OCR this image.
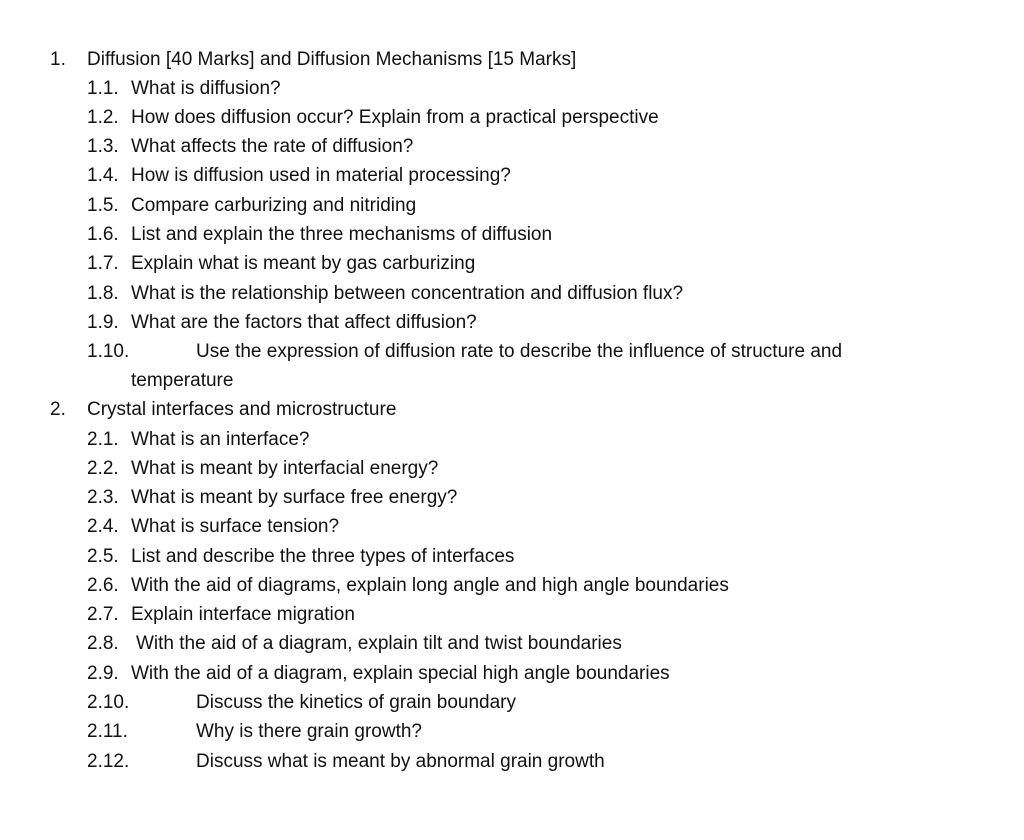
1. Diffusion [40 Marks] and Diffusion Mechanisms [15 Marks]
1.1. What is diffusion?
1.2. How does diffusion occur? Explain from a practical perspective
1.3. What affects the rate of diffusion?
1.4. How is diffusion used in material processing?
1.5. Compare carburizing and nitriding
1.6. List and explain the three mechanisms of diffusion
1.7. Explain what is meant by gas carburizing
1.8. What is the relationship between concentration and diffusion flux?
1.9. What are the factors that affect diffusion?
1.10.	Use the expression of diffusion rate to describe the influence of structure and
temperature
2. Crystal interfaces and microstructure
2.1. What is an interface?
2.2. What is meant by interfacial energy?
2.3. What is meant by surface free energy?
2.4. What is surface tension?
2.5. List and describe the three types of interfaces
2.6. With the aid of diagrams, explain long angle and high angle boundaries
2.7. Explain interface migration
2.8. With the aid of a diagram, explain tilt and twist boundaries
2.9. With the aid of a diagram, explain special high angle boundaries
2.10.	Discuss the kinetics of grain boundary
2.11.	Why is there grain growth?
2.12.	Discuss what is meant by abnormal grain growth
